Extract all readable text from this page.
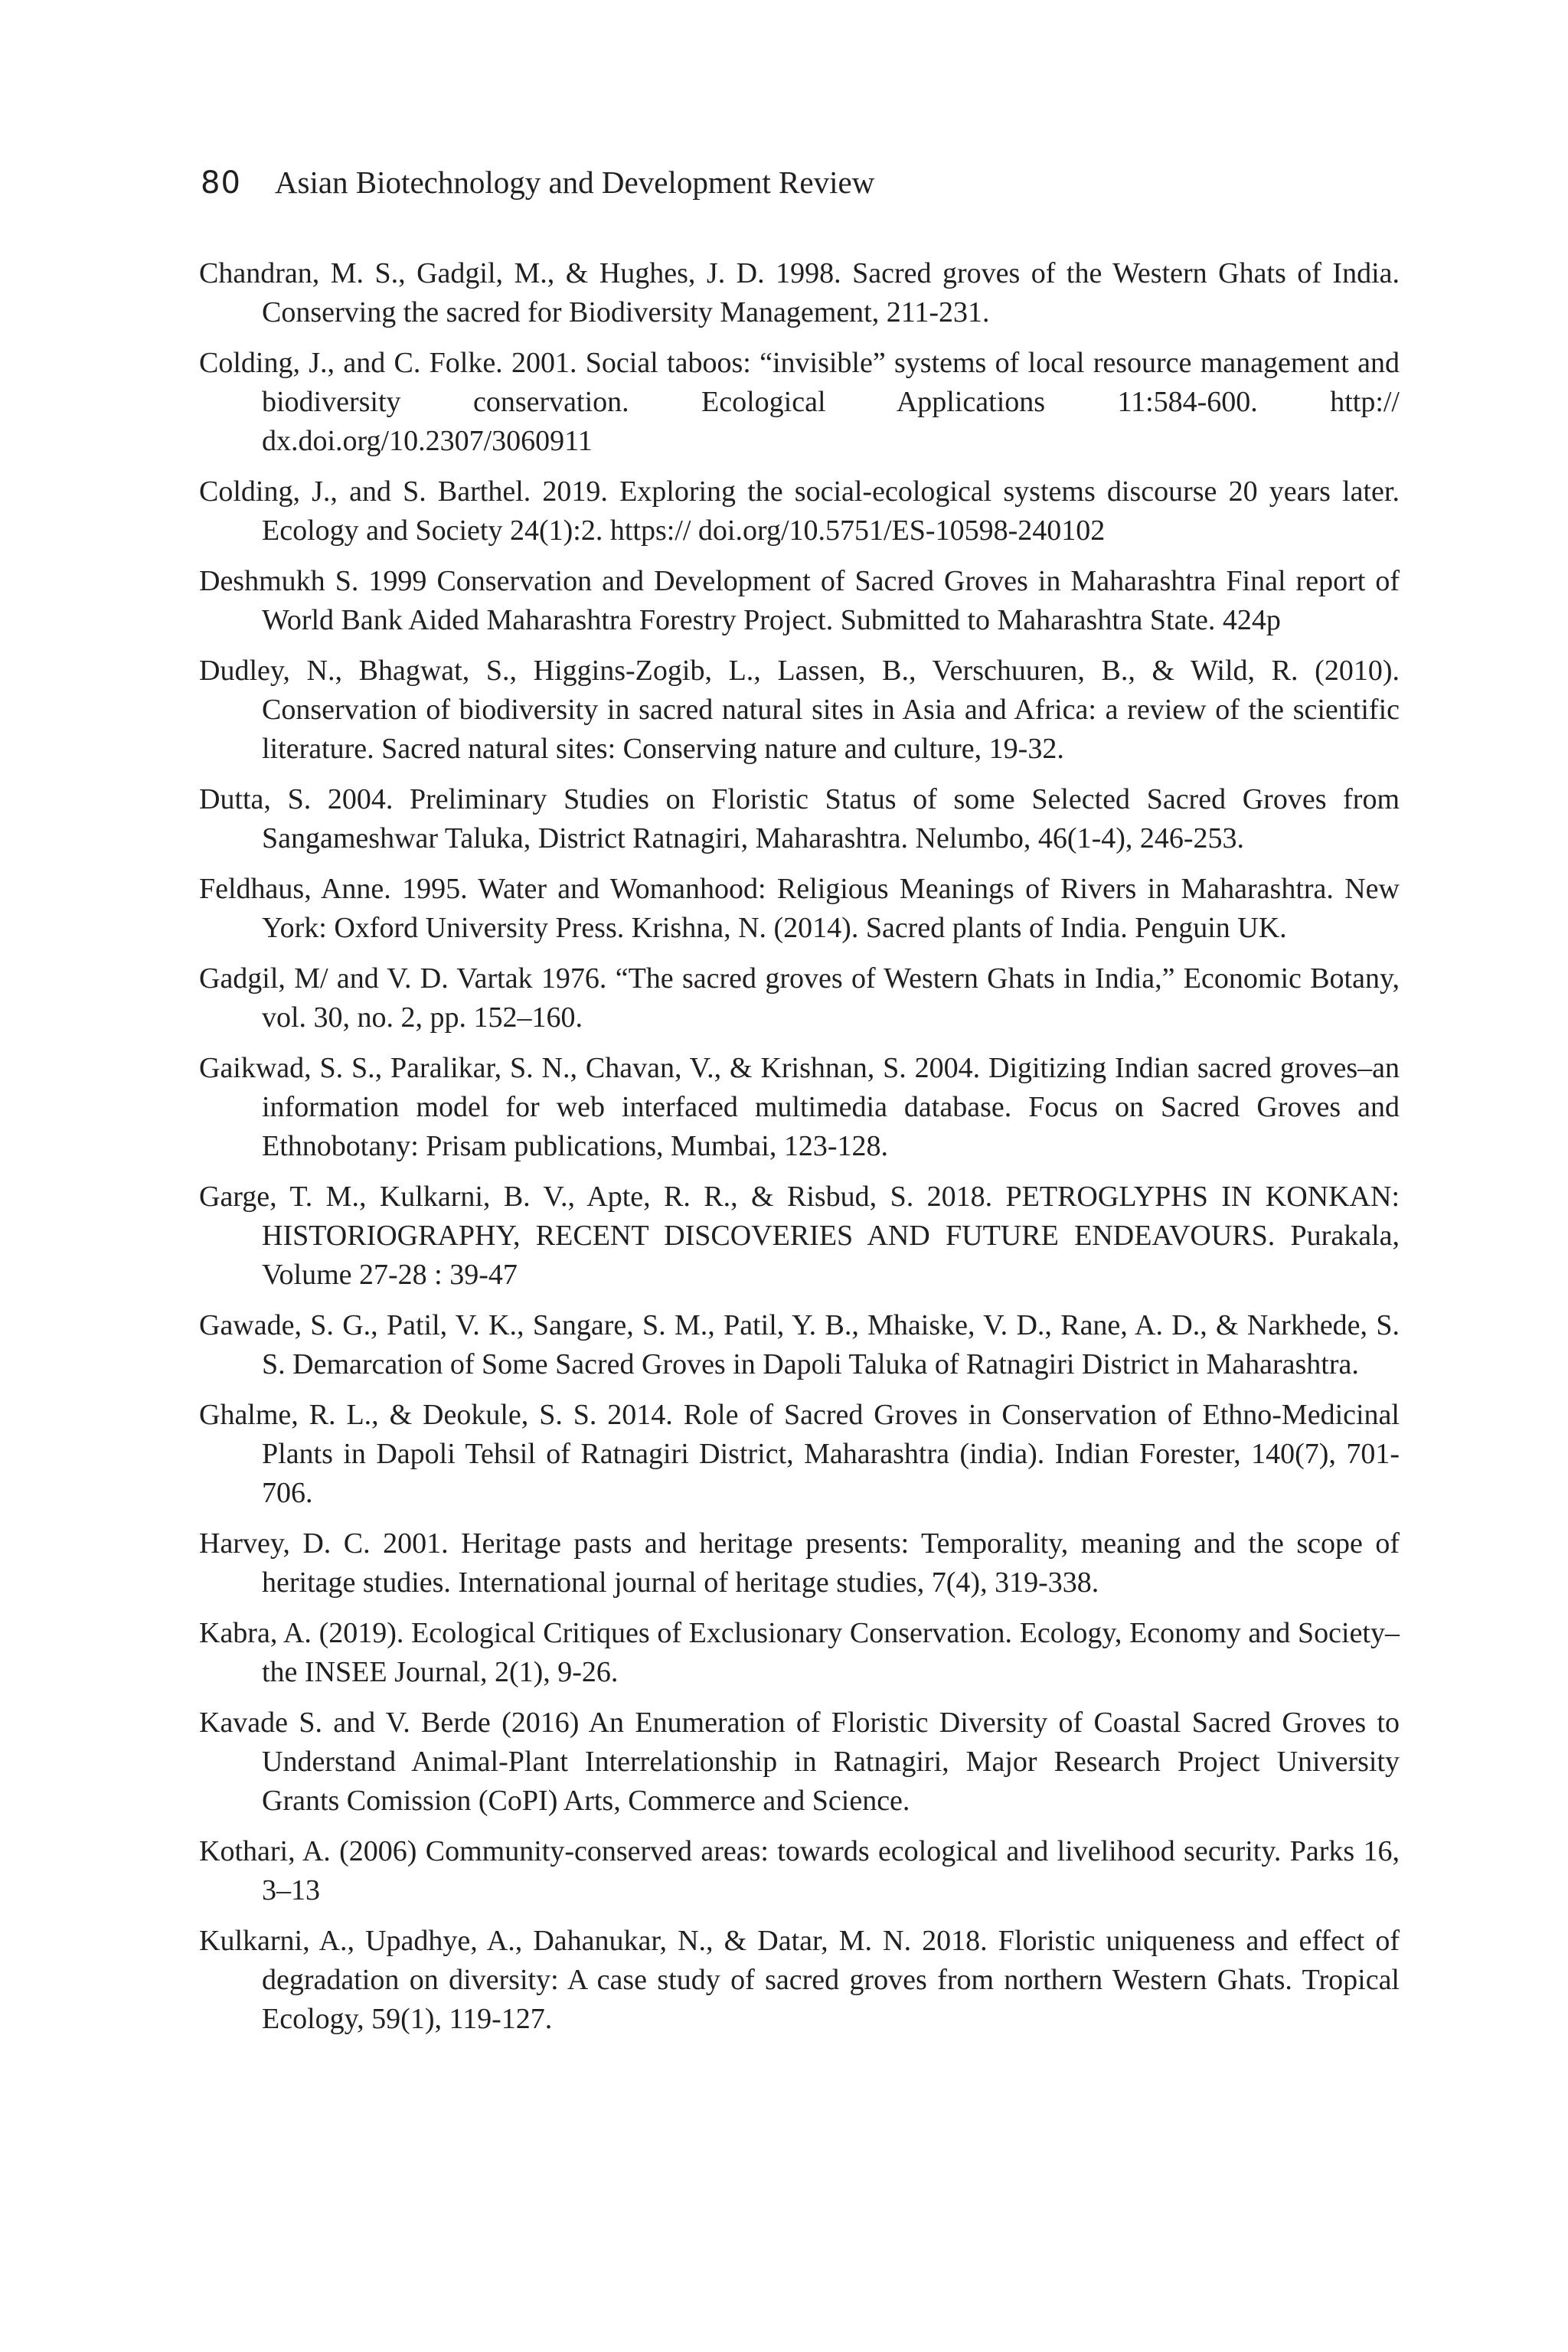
80 Asian Biotechnology and Development Review

Chandran, M. S., Gadgil, M., & Hughes, J. D. 1998. Sacred groves of the Western Ghats of India. Conserving the sacred for Biodiversity Management, 211-231.

Colding, J., and C. Folke. 2001. Social taboos: “invisible” systems of local resource management and biodiversity conservation. Ecological Applications 11:584-600. http:// dx.doi.org/10.2307/3060911

Colding, J., and S. Barthel. 2019. Exploring the social-ecological systems discourse 20 years later. Ecology and Society 24(1):2. https:// doi.org/10.5751/ES-10598-240102

Deshmukh S. 1999 Conservation and Development of Sacred Groves in Maharashtra Final report of World Bank Aided Maharashtra Forestry Project. Submitted to Maharashtra State. 424p

Dudley, N., Bhagwat, S., Higgins-Zogib, L., Lassen, B., Verschuuren, B., & Wild, R. (2010). Conservation of biodiversity in sacred natural sites in Asia and Africa: a review of the scientific literature. Sacred natural sites: Conserving nature and culture, 19-32.

Dutta, S. 2004. Preliminary Studies on Floristic Status of some Selected Sacred Groves from Sangameshwar Taluka, District Ratnagiri, Maharashtra. Nelumbo, 46(1-4), 246-253.

Feldhaus, Anne. 1995. Water and Womanhood: Religious Meanings of Rivers in Maharashtra. New York: Oxford University Press. Krishna, N. (2014). Sacred plants of India. Penguin UK.

Gadgil, M/ and V. D. Vartak 1976. “The sacred groves of Western Ghats in India,” Economic Botany, vol. 30, no. 2, pp. 152–160.

Gaikwad, S. S., Paralikar, S. N., Chavan, V., & Krishnan, S. 2004. Digitizing Indian sacred groves–an information model for web interfaced multimedia database. Focus on Sacred Groves and Ethnobotany: Prisam publications, Mumbai, 123-128.

Garge, T. M., Kulkarni, B. V., Apte, R. R., & Risbud, S. 2018. PETROGLYPHS IN KONKAN: HISTORIOGRAPHY, RECENT DISCOVERIES AND FUTURE ENDEAVOURS. Purakala, Volume 27-28 : 39-47

Gawade, S. G., Patil, V. K., Sangare, S. M., Patil, Y. B., Mhaiske, V. D., Rane, A. D., & Narkhede, S. S. Demarcation of Some Sacred Groves in Dapoli Taluka of Ratnagiri District in Maharashtra.

Ghalme, R. L., & Deokule, S. S. 2014. Role of Sacred Groves in Conservation of Ethno-Medicinal Plants in Dapoli Tehsil of Ratnagiri District, Maharashtra (india). Indian Forester, 140(7), 701-706.

Harvey, D. C. 2001. Heritage pasts and heritage presents: Temporality, meaning and the scope of heritage studies. International journal of heritage studies, 7(4), 319-338.

Kabra, A. (2019). Ecological Critiques of Exclusionary Conservation. Ecology, Economy and Society–the INSEE Journal, 2(1), 9-26.

Kavade S. and V. Berde (2016) An Enumeration of Floristic Diversity of Coastal Sacred Groves to Understand Animal-Plant Interrelationship in Ratnagiri, Major Research Project University Grants Comission (CoPI) Arts, Commerce and Science.

Kothari, A. (2006) Community-conserved areas: towards ecological and livelihood security. Parks 16, 3–13

Kulkarni, A., Upadhye, A., Dahanukar, N., & Datar, M. N. 2018. Floristic uniqueness and effect of degradation on diversity: A case study of sacred groves from northern Western Ghats. Tropical Ecology, 59(1), 119-127.
